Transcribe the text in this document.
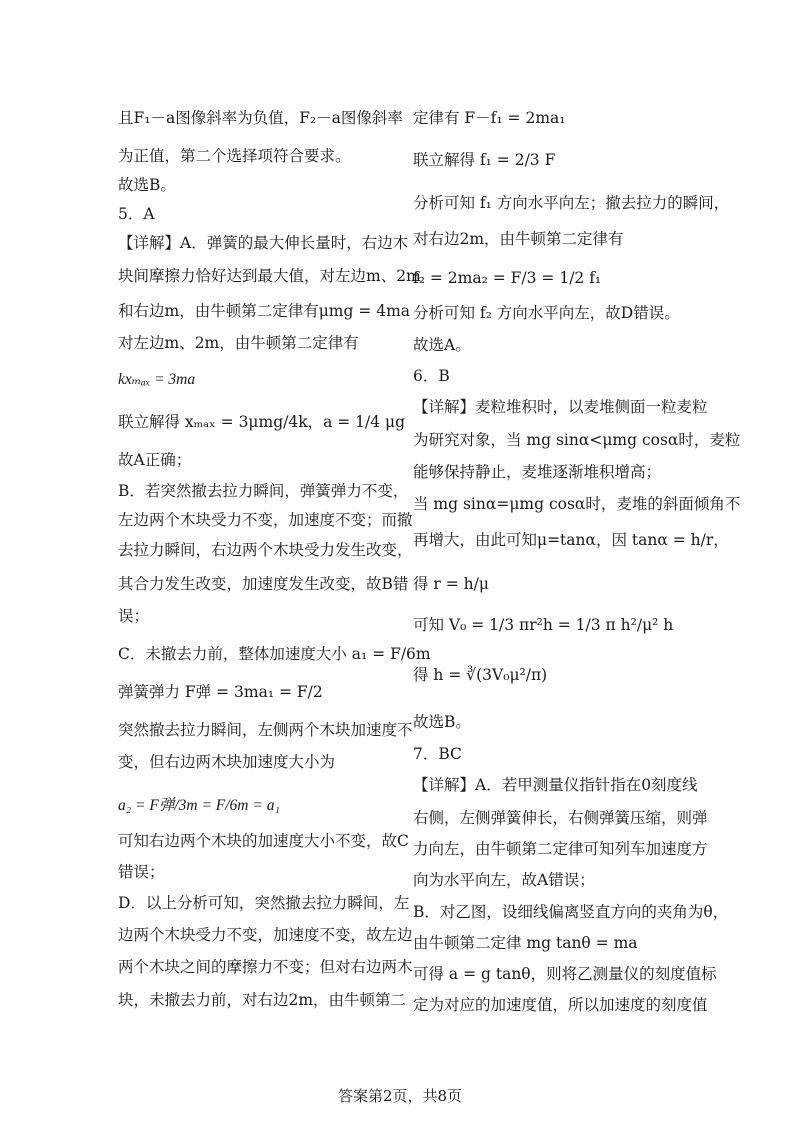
且F₁－a图像斜率为负值，F₂－a图像斜率
为正值，第二个选择项符合要求。
故选B。
5．A
【详解】A．弹簧的最大伸长量时，右边木
块间摩擦力恰好达到最大值，对左边m、2m
和右边m，由牛顿第二定律有μmg = 4ma
对左边m、2m，由牛顿第二定律有
kxₘₐₓ = 3ma
联立解得 xₘₐₓ = 3μmg/4k，a = 1/4 μg
故A正确；
B．若突然撤去拉力瞬间，弹簧弹力不变，
左边两个木块受力不变，加速度不变；而撤
去拉力瞬间，右边两个木块受力发生改变，
其合力发生改变，加速度发生改变，故B错
误；
C．未撤去力前，整体加速度大小 a₁ = F/6m
弹簧弹力 F弹 = 3ma₁ = F/2
突然撤去拉力瞬间，左侧两个木块加速度不
变，但右边两木块加速度大小为
a₂ = F弹/3m = F/6m = a₁
可知右边两个木块的加速度大小不变，故C
错误；
D．以上分析可知，突然撤去拉力瞬间，左
边两个木块受力不变，加速度不变，故左边
两个木块之间的摩擦力不变；但对右边两木
块，未撤去力前，对右边2m，由牛顿第二
定律有 F－f₁ = 2ma₁
联立解得 f₁ = 2/3 F
分析可知 f₁ 方向水平向左；撤去拉力的瞬间，
对右边2m，由牛顿第二定律有
f₂ = 2ma₂ = F/3 = 1/2 f₁
分析可知 f₂ 方向水平向左，故D错误。
故选A。
6．B
【详解】麦粒堆积时，以麦堆侧面一粒麦粒
为研究对象，当 mg sinα<μmg cosα时，麦粒
能够保持静止，麦堆逐渐堆积增高；
当 mg sinα=μmg cosα时，麦堆的斜面倾角不
再增大，由此可知μ=tanα，因 tanα = h/r，
得 r = h/μ
可知 V₀ = 1/3 πr²h = 1/3 π h²/μ² h
得 h = ∛(3V₀μ²/π)
故选B。
7．BC
【详解】A．若甲测量仪指针指在0刻度线
右侧，左侧弹簧伸长，右侧弹簧压缩，则弹
力向左，由牛顿第二定律可知列车加速度方
向为水平向左，故A错误；
B．对乙图，设细线偏离竖直方向的夹角为θ，
由牛顿第二定律 mg tanθ = ma
可得 a = g tanθ，则将乙测量仪的刻度值标
定为对应的加速度值，所以加速度的刻度值
答案第2页，共8页
